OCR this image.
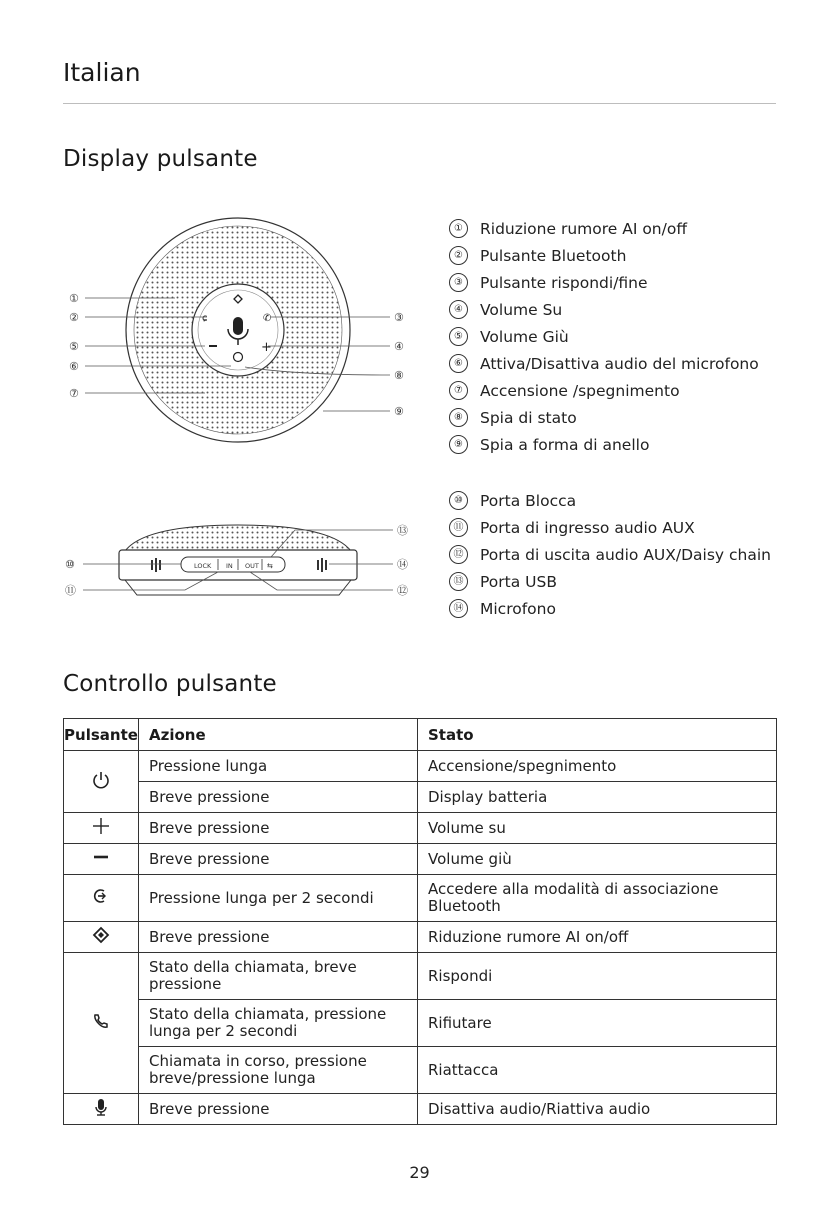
Italian
Display pulsante
ɕ	✆
+
①
②
⑤
⑥
⑦
③
④
⑧
⑨
LOCK IN OUT ⇆
⑩
⑪
⑬
⑭
⑫
① Riduzione rumore AI on/off
② Pulsante Bluetooth
③ Pulsante rispondi/fine
④ Volume Su
⑤ Volume Giù
⑥ Attiva/Disattiva audio del microfono
⑦ Accensione /spegnimento
⑧ Spia di stato
⑨ Spia a forma di anello
⑩ Porta Blocca
⑪ Porta di ingresso audio AUX
⑫ Porta di uscita audio AUX/Daisy chain
⑬ Porta USB
⑭ Microfono
Controllo pulsante
Pulsante	Azione	Stato
	Pressione lunga	Accensione/spegnimento
	Breve pressione	Display batteria
	Breve pressione	Volume su
	Breve pressione	Volume giù
	Pressione lunga per 2 secondi	Accedere alla modalità di associazione Bluetooth
	Breve pressione	Riduzione rumore AI on/off
	Stato della chiamata, breve pressione	Rispondi
	Stato della chiamata, pressione lunga per 2 secondi	Rifiutare
	Chiamata in corso, pressione breve/pressione lunga	Riattacca
	Breve pressione	Disattiva audio/Riattiva audio
29
